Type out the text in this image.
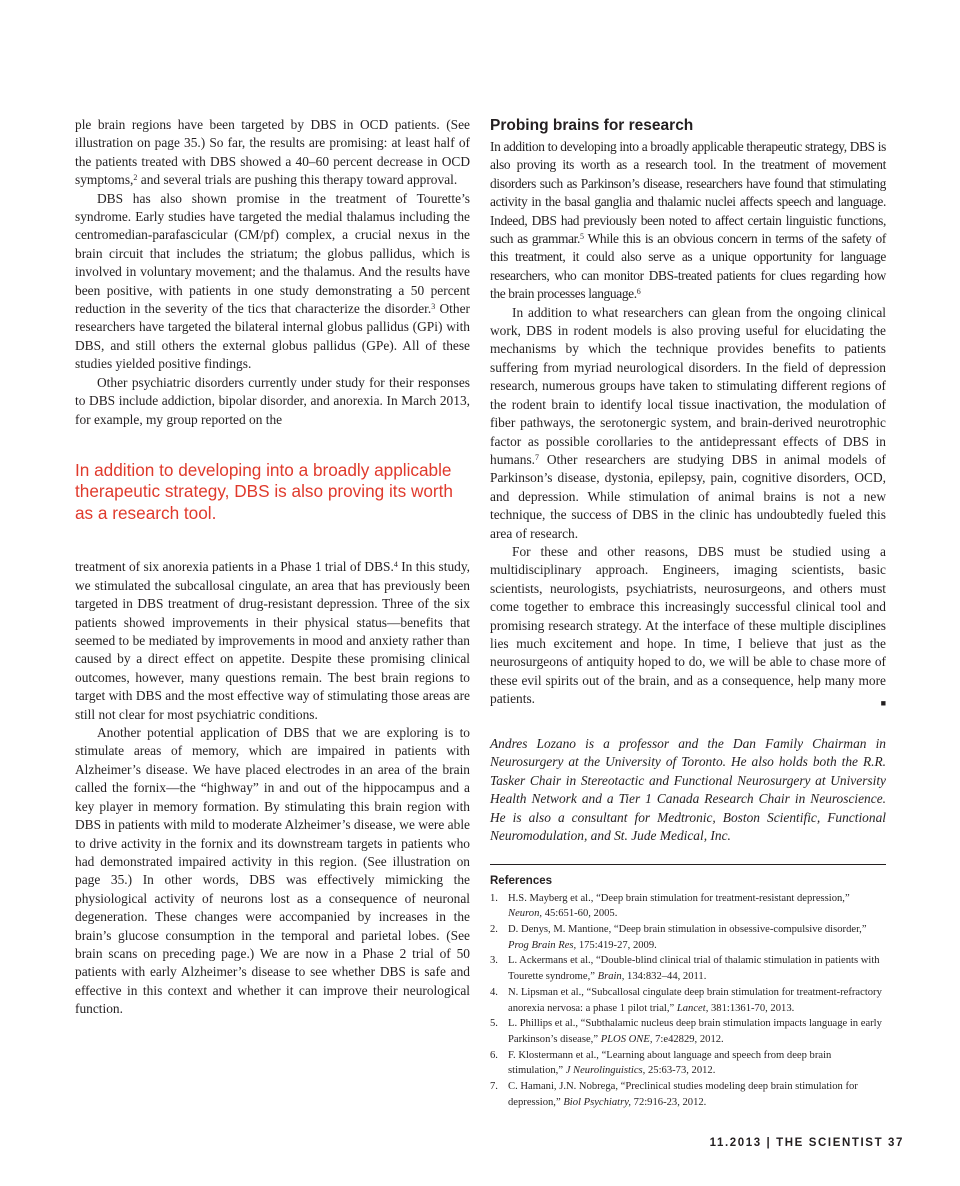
ple brain regions have been targeted by DBS in OCD patients. (See illustration on page 35.) So far, the results are promising: at least half of the patients treated with DBS showed a 40–60 percent decrease in OCD symptoms,$^2$ and several trials are pushing this therapy toward approval.

DBS has also shown promise in the treatment of Tourette’s syndrome. Early studies have targeted the medial thalamus including the centromedian-parafascicular (CM/pf) complex, a crucial nexus in the brain circuit that includes the striatum; the globus pallidus, which is involved in voluntary movement; and the thalamus. And the results have been positive, with patients in one study demonstrating a 50 percent reduction in the severity of the tics that characterize the disorder.$^3$ Other researchers have targeted the bilateral internal globus pallidus (GPi) with DBS, and still others the external globus pallidus (GPe). All of these studies yielded positive findings.

Other psychiatric disorders currently under study for their responses to DBS include addiction, bipolar disorder, and anorexia. In March 2013, for example, my group reported on the

In addition to developing into a broadly applicable therapeutic strategy, DBS is also proving its worth as a research tool.

treatment of six anorexia patients in a Phase 1 trial of DBS.$^4$ In this study, we stimulated the subcallosal cingulate, an area that has previously been targeted in DBS treatment of drug-resistant depression. Three of the six patients showed improvements in their physical status—benefits that seemed to be mediated by improvements in mood and anxiety rather than caused by a direct effect on appetite. Despite these promising clinical outcomes, however, many questions remain. The best brain regions to target with DBS and the most effective way of stimulating those areas are still not clear for most psychiatric conditions.

Another potential application of DBS that we are exploring is to stimulate areas of memory, which are impaired in patients with Alzheimer’s disease. We have placed electrodes in an area of the brain called the fornix—the “highway” in and out of the hippocampus and a key player in memory formation. By stimulating this brain region with DBS in patients with mild to moderate Alzheimer’s disease, we were able to drive activity in the fornix and its downstream targets in patients who had demonstrated impaired activity in this region. (See illustration on page 35.) In other words, DBS was effectively mimicking the physiological activity of neurons lost as a consequence of neuronal degeneration. These changes were accompanied by increases in the brain’s glucose consumption in the temporal and parietal lobes. (See brain scans on preceding page.) We are now in a Phase 2 trial of 50 patients with early Alzheimer’s disease to see whether DBS is safe and effective in this context and whether it can improve their neurological function.

Probing brains for research

In addition to developing into a broadly applicable therapeutic strategy, DBS is also proving its worth as a research tool. In the treatment of movement disorders such as Parkinson’s disease, researchers have found that stimulating activity in the basal ganglia and thalamic nuclei affects speech and language. Indeed, DBS had previously been noted to affect certain linguistic functions, such as grammar.$^5$ While this is an obvious concern in terms of the safety of this treatment, it could also serve as a unique opportunity for language researchers, who can monitor DBS-treated patients for clues regarding how the brain processes language.$^6$

In addition to what researchers can glean from the ongoing clinical work, DBS in rodent models is also proving useful for elucidating the mechanisms by which the technique provides benefits to patients suffering from myriad neurological disorders. In the field of depression research, numerous groups have taken to stimulating different regions of the rodent brain to identify local tissue inactivation, the modulation of fiber pathways, the serotonergic system, and brain-derived neurotrophic factor as possible corollaries to the antidepressant effects of DBS in humans.$^7$ Other researchers are studying DBS in animal models of Parkinson’s disease, dystonia, epilepsy, pain, cognitive disorders, OCD, and depression. While stimulation of animal brains is not a new technique, the success of DBS in the clinic has undoubtedly fueled this area of research.

For these and other reasons, DBS must be studied using a multidisciplinary approach. Engineers, imaging scientists, basic scientists, neurologists, psychiatrists, neurosurgeons, and others must come together to embrace this increasingly successful clinical tool and promising research strategy. At the interface of these multiple disciplines lies much excitement and hope. In time, I believe that just as the neurosurgeons of antiquity hoped to do, we will be able to chase more of these evil spirits out of the brain, and as a consequence, help many more patients.	■

Andres Lozano is a professor and the Dan Family Chairman in Neurosurgery at the University of Toronto. He also holds both the R.R. Tasker Chair in Stereotactic and Functional Neurosurgery at University Health Network and a Tier 1 Canada Research Chair in Neuroscience. He is also a consultant for Medtronic, Boston Scientific, Functional Neuromodulation, and St. Jude Medical, Inc.

References

1. H.S. Mayberg et al., “Deep brain stimulation for treatment-resistant depression,” Neuron, 45:651-60, 2005.
2. D. Denys, M. Mantione, “Deep brain stimulation in obsessive-compulsive disorder,” Prog Brain Res, 175:419-27, 2009.
3. L. Ackermans et al., “Double-blind clinical trial of thalamic stimulation in patients with Tourette syndrome,” Brain, 134:832–44, 2011.
4. N. Lipsman et al., “Subcallosal cingulate deep brain stimulation for treatment-refractory anorexia nervosa: a phase 1 pilot trial,” Lancet, 381:1361-70, 2013.
5. L. Phillips et al., “Subthalamic nucleus deep brain stimulation impacts language in early Parkinson’s disease,” PLOS ONE, 7:e42829, 2012.
6. F. Klostermann et al., “Learning about language and speech from deep brain stimulation,” J Neurolinguistics, 25:63-73, 2012.
7. C. Hamani, J.N. Nobrega, “Preclinical studies modeling deep brain stimulation for depression,” Biol Psychiatry, 72:916-23, 2012.
11.2013 | THE SCIENTIST 37
